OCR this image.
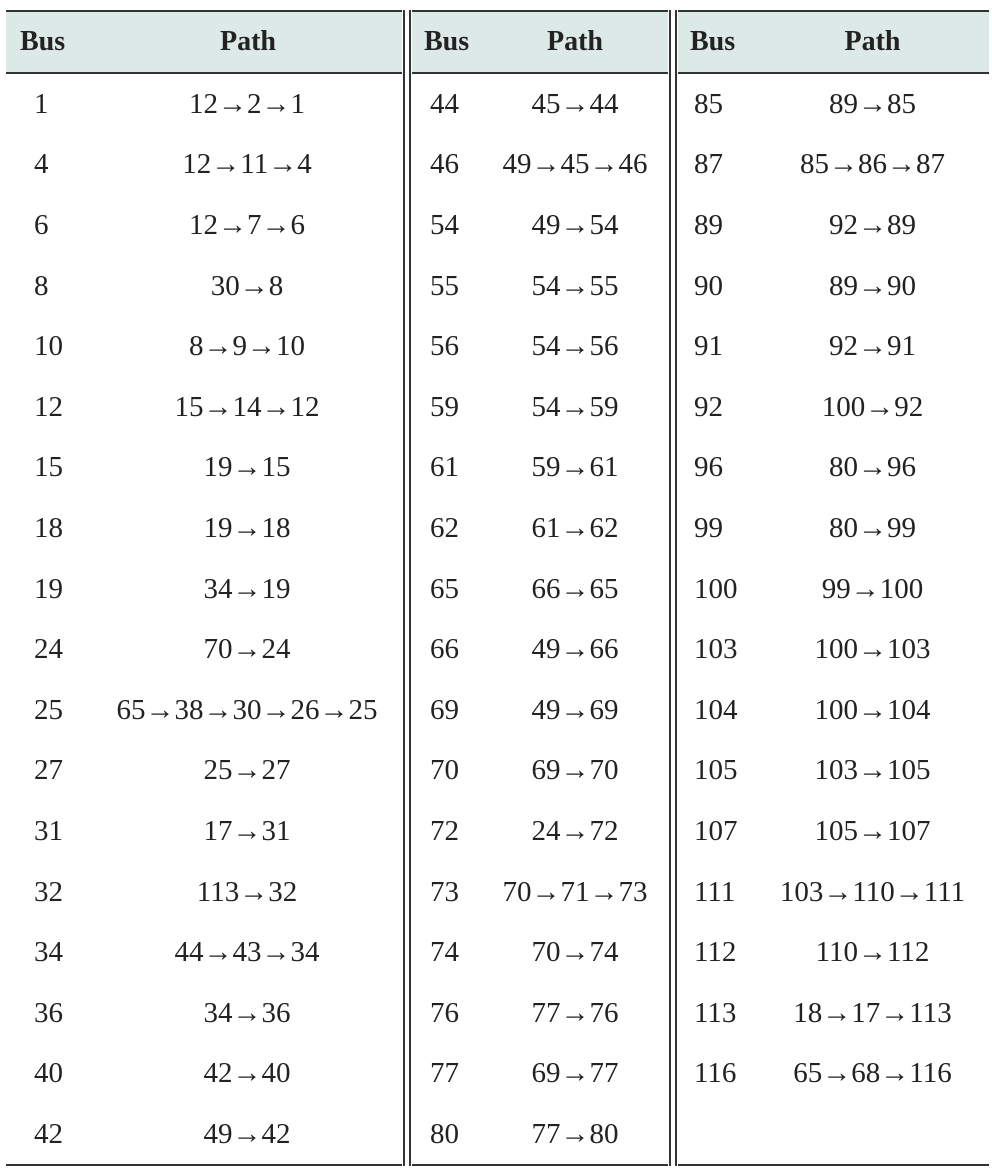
Bus	Path
1	12→2→1
4	12→11→4
6	12→7→6
8	30→8
10	8→9→10
12	15→14→12
15	19→15
18	19→18
19	34→19
24	70→24
25	65→38→30→26→25
27	25→27
31	17→31
32	113→32
34	44→43→34
36	34→36
40	42→40
42	49→42
Bus	Path
44	45→44
46	49→45→46
54	49→54
55	54→55
56	54→56
59	54→59
61	59→61
62	61→62
65	66→65
66	49→66
69	49→69
70	69→70
72	24→72
73	70→71→73
74	70→74
76	77→76
77	69→77
80	77→80
Bus	Path
85	89→85
87	85→86→87
89	92→89
90	89→90
91	92→91
92	100→92
96	80→96
99	80→99
100	99→100
103	100→103
104	100→104
105	103→105
107	105→107
111	103→110→111
112	110→112
113	18→17→113
116	65→68→116
